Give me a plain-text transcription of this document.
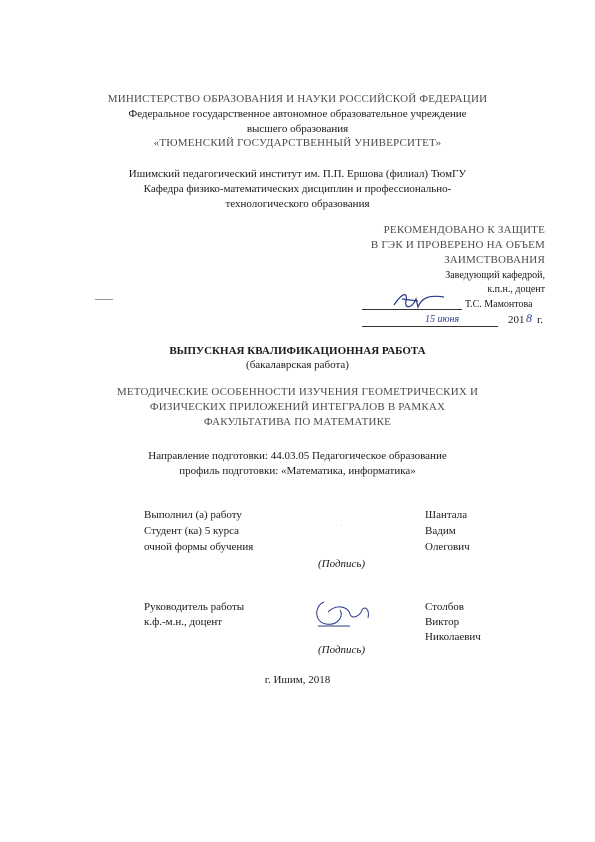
МИНИСТЕРСТВО ОБРАЗОВАНИЯ И НАУКИ РОССИЙСКОЙ ФЕДЕРАЦИИ
Федеральное государственное автономное образовательное учреждение
высшего образования
«ТЮМЕНСКИЙ ГОСУДАРСТВЕННЫЙ УНИВЕРСИТЕТ»
Ишимский педагогический институт им. П.П. Ершова (филиал) ТюмГУ
Кафедра физико-математических дисциплин и профессионально-
технологического образования
РЕКОМЕНДОВАНО К ЗАЩИТЕ
В ГЭК И ПРОВЕРЕНО НА ОБЪЕМ
ЗАИМСТВОВАНИЯ
Заведующий кафедрой,
к.п.н., доцент
Т.С. Мамонтова
15 июня	201 8 г.
ВЫПУСКНАЯ КВАЛИФИКАЦИОННАЯ РАБОТА
(бакалаврская работа)
МЕТОДИЧЕСКИЕ ОСОБЕННОСТИ ИЗУЧЕНИЯ ГЕОМЕТРИЧЕСКИХ И
ФИЗИЧЕСКИХ ПРИЛОЖЕНИЙ ИНТЕГРАЛОВ В РАМКАХ
ФАКУЛЬТАТИВА ПО МАТЕМАТИКЕ
Направление подготовки: 44.03.05 Педагогическое образование
профиль подготовки: «Математика, информатика»
Выполнил (а) работу
Студент (ка) 5 курса
очной формы обучения
·
(Подпись)
Шантала
Вадим
Олегович
Руководитель работы
к.ф.-м.н., доцент
(Подпись)
Столбов
Виктор
Николаевич
г. Ишим, 2018
